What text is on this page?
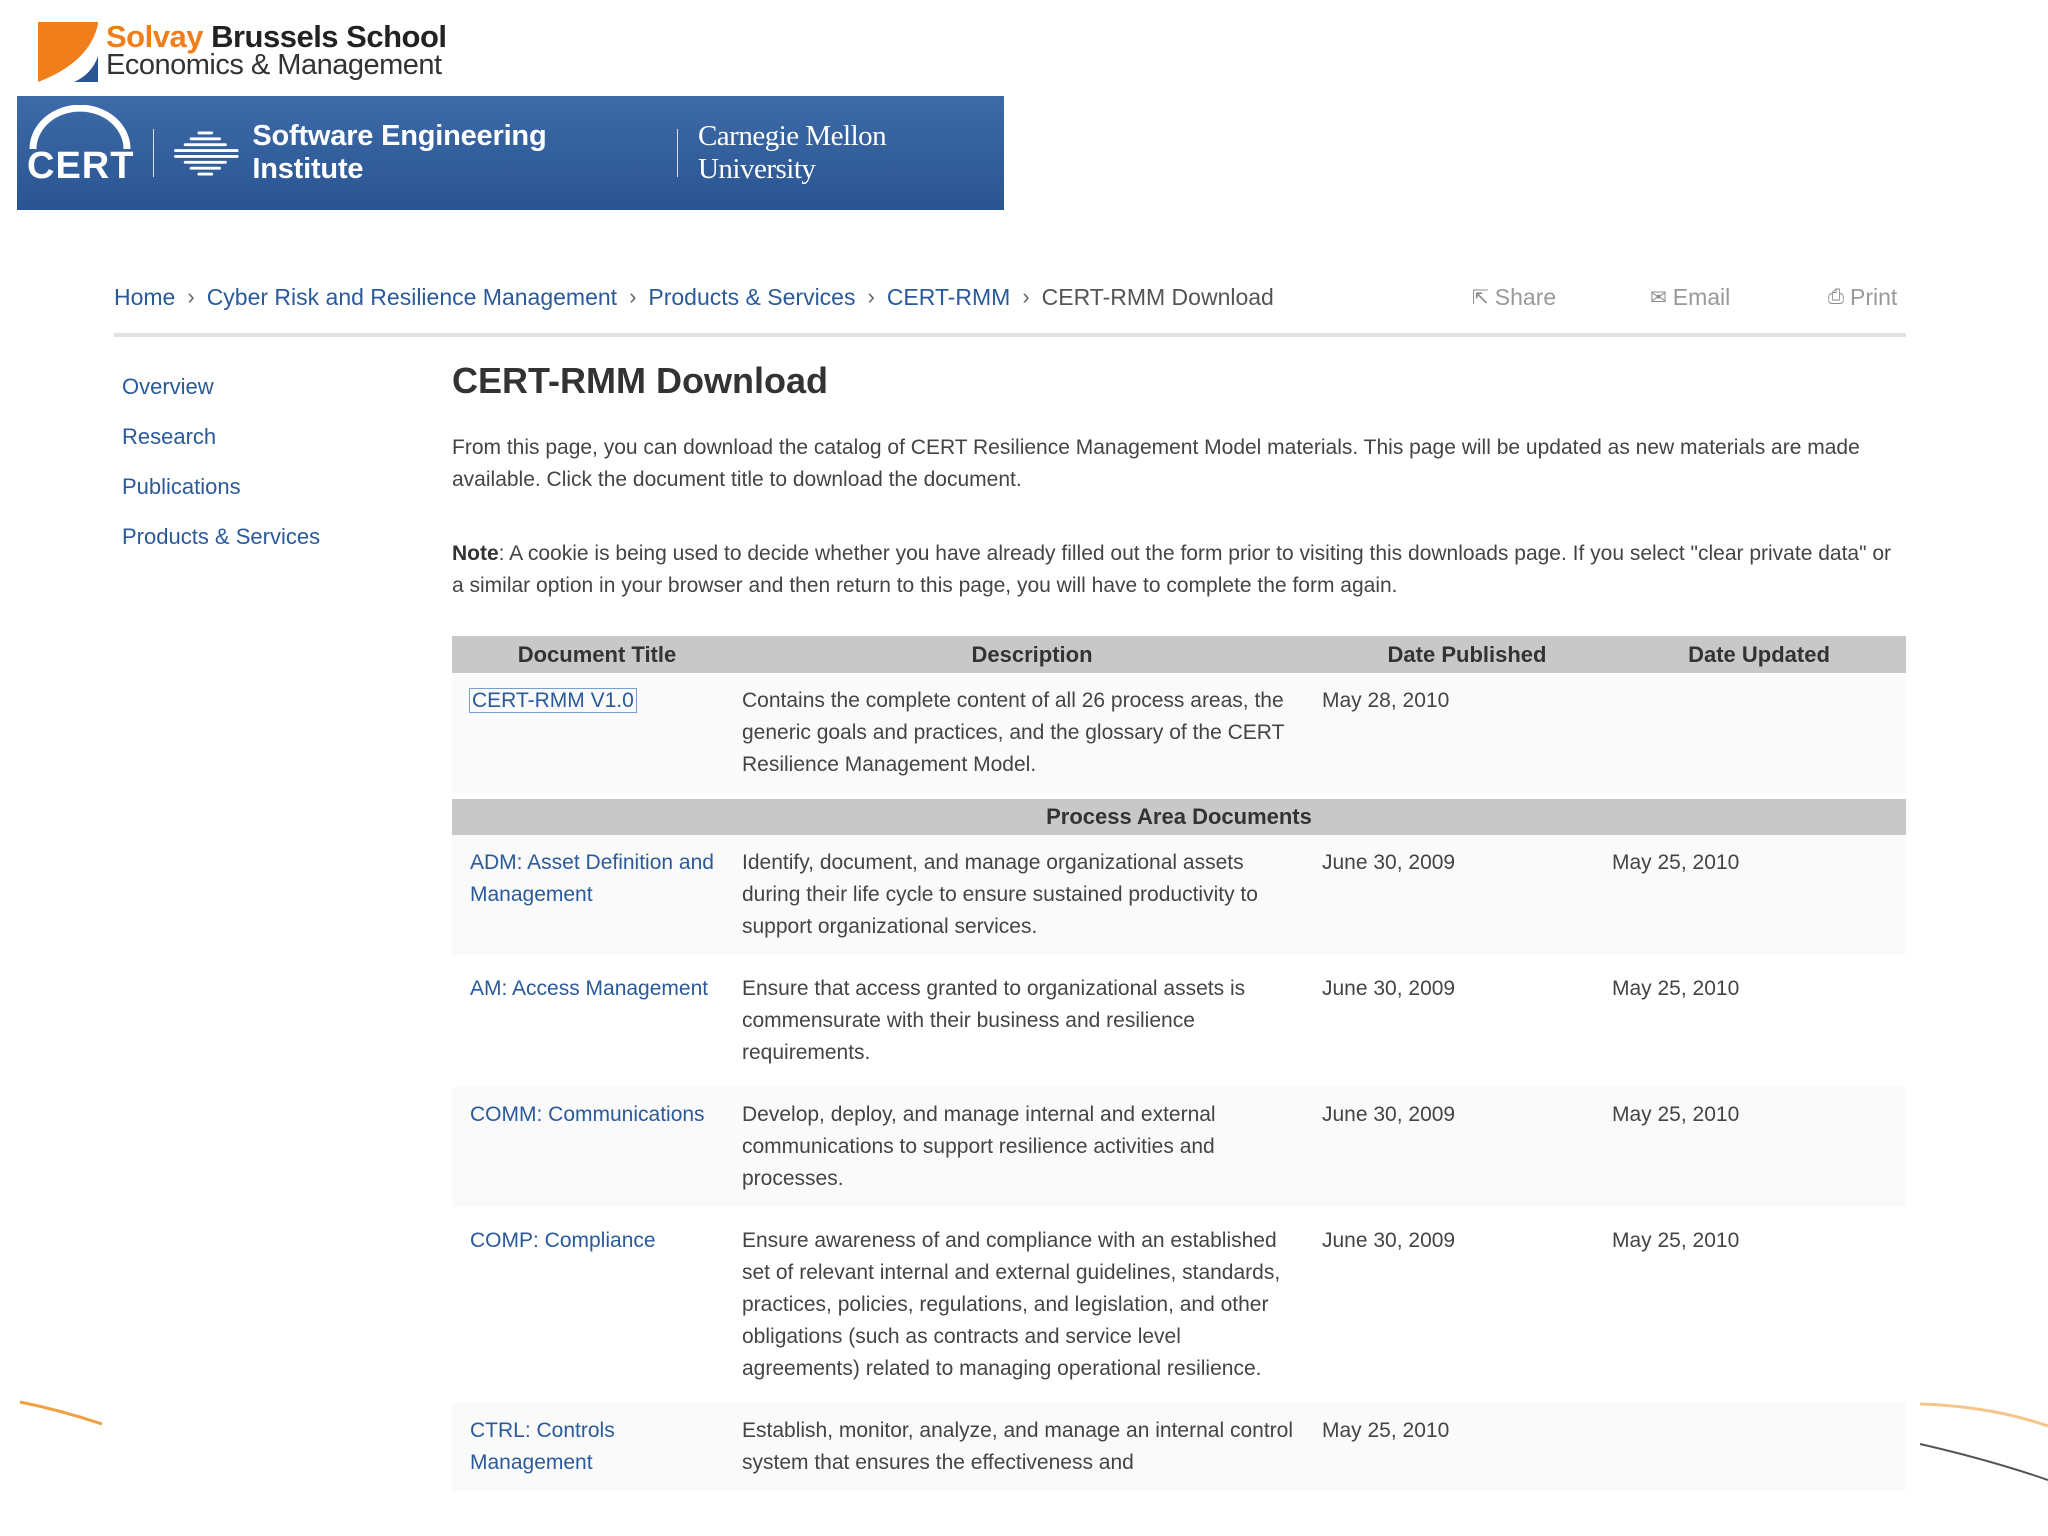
Solvay Brussels School
Economics & Management
CERT
Software Engineering Institute
Carnegie Mellon University
Home › Cyber Risk and Resilience Management › Products & Services › CERT-RMM › CERT-RMM Download	⇱ Share	✉ Email	⎙ Print
Overview
Research
Publications
Products & Services
CERT-RMM Download

From this page, you can download the catalog of CERT Resilience Management Model materials. This page will be updated as new materials are made available. Click the document title to download the document.

Note: A cookie is being used to decide whether you have already filled out the form prior to visiting this downloads page. If you select "clear private data" or a similar option in your browser and then return to this page, you will have to complete the form again.

Document Title	Description	Date Published	Date Updated
CERT-RMM V1.0	Contains the complete content of all 26 process areas, the generic goals and practices, and the glossary of the CERT Resilience Management Model.	May 28, 2010	
Process Area Documents			
ADM: Asset Definition and Management	Identify, document, and manage organizational assets during their life cycle to ensure sustained productivity to support organizational services.	June 30, 2009	May 25, 2010
AM: Access Management	Ensure that access granted to organizational assets is commensurate with their business and resilience requirements.	June 30, 2009	May 25, 2010
COMM: Communications	Develop, deploy, and manage internal and external communications to support resilience activities and processes.	June 30, 2009	May 25, 2010
COMP: Compliance	Ensure awareness of and compliance with an established set of relevant internal and external guidelines, standards, practices, policies, regulations, and legislation, and other obligations (such as contracts and service level agreements) related to managing operational resilience.	June 30, 2009	May 25, 2010
CTRL: Controls Management	Establish, monitor, analyze, and manage an internal control system that ensures the effectiveness and	May 25, 2010	
